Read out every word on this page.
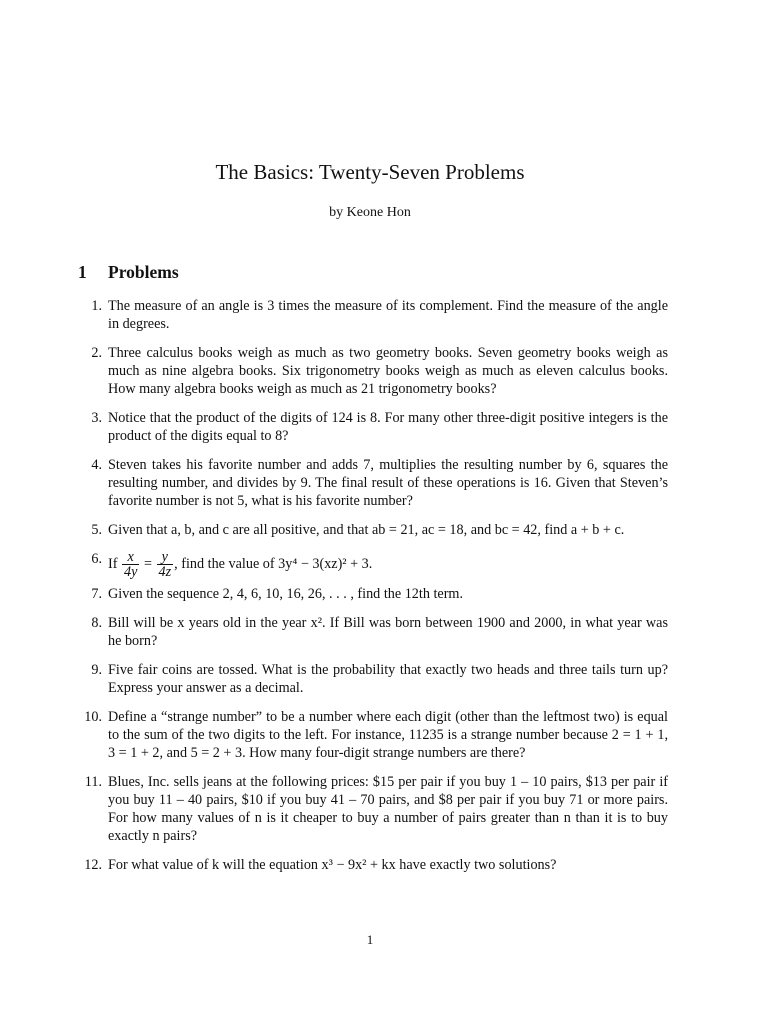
The Basics: Twenty-Seven Problems
by Keone Hon
1 Problems
1. The measure of an angle is 3 times the measure of its complement. Find the measure of the angle in degrees.
2. Three calculus books weigh as much as two geometry books. Seven geometry books weigh as much as nine algebra books. Six trigonometry books weigh as much as eleven calculus books. How many algebra books weigh as much as 21 trigonometry books?
3. Notice that the product of the digits of 124 is 8. For many other three-digit positive integers is the product of the digits equal to 8?
4. Steven takes his favorite number and adds 7, multiplies the resulting number by 6, squares the resulting number, and divides by 9. The final result of these operations is 16. Given that Steven’s favorite number is not 5, what is his favorite number?
5. Given that a, b, and c are all positive, and that ab = 21, ac = 18, and bc = 42, find a + b + c.
6. If $\frac{x}{4y} = \frac{y}{4z}$ , find the value of 3y⁴ − 3(xz)² + 3.
7. Given the sequence 2, 4, 6, 10, 16, 26, . . . , find the 12th term.
8. Bill will be x years old in the year x². If Bill was born between 1900 and 2000, in what year was he born?
9. Five fair coins are tossed. What is the probability that exactly two heads and three tails turn up? Express your answer as a decimal.
10. Define a “strange number” to be a number where each digit (other than the leftmost two) is equal to the sum of the two digits to the left. For instance, 11235 is a strange number because 2 = 1 + 1, 3 = 1 + 2, and 5 = 2 + 3. How many four-digit strange numbers are there?
11. Blues, Inc. sells jeans at the following prices: $15 per pair if you buy 1 – 10 pairs, $13 per pair if you buy 11 – 40 pairs, $10 if you buy 41 – 70 pairs, and $8 per pair if you buy 71 or more pairs. For how many values of n is it cheaper to buy a number of pairs greater than n than it is to buy exactly n pairs?
12. For what value of k will the equation x³ − 9x² + kx have exactly two solutions?
1
